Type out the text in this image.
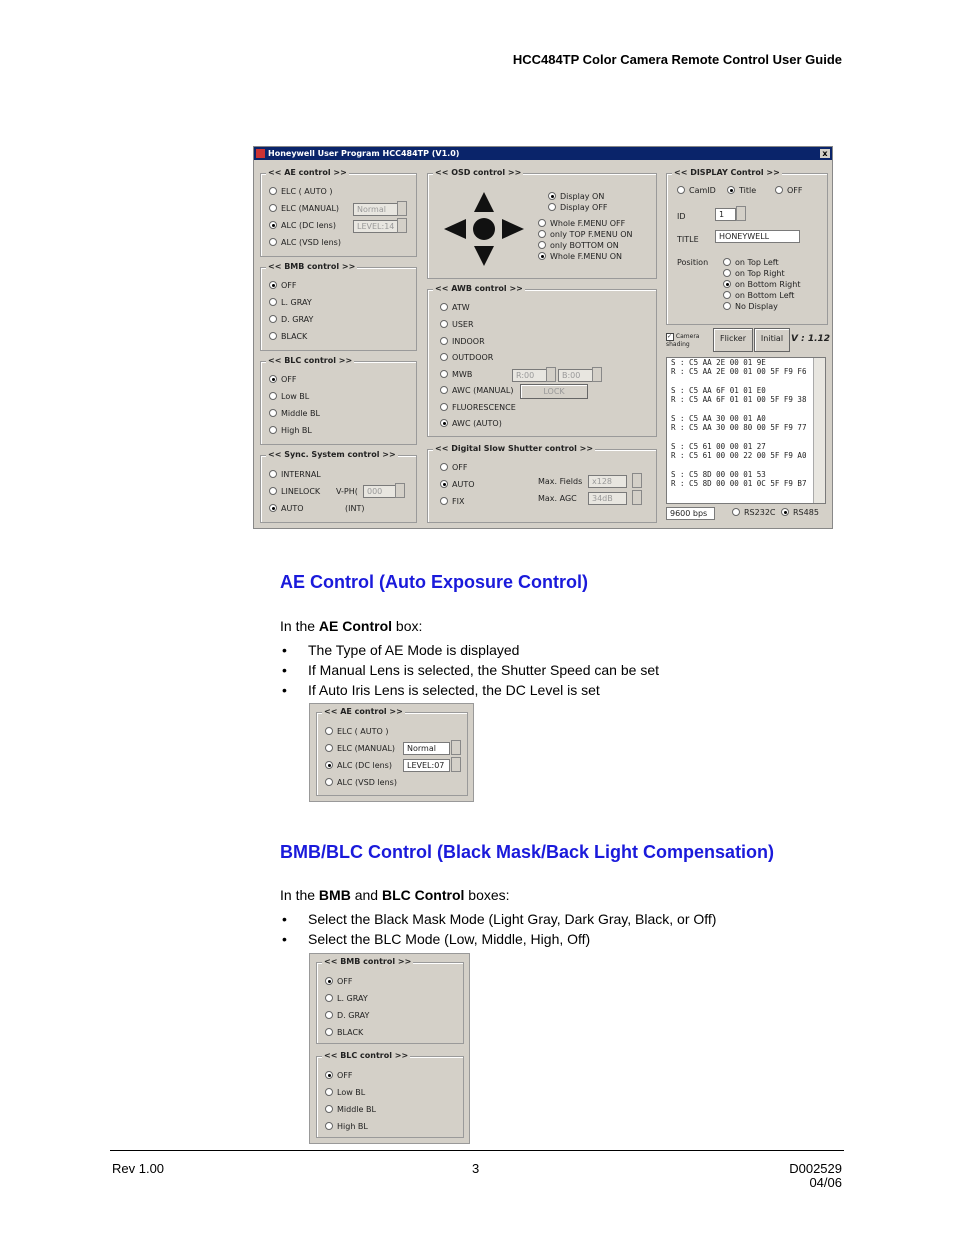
HCC484TP Color Camera Remote Control User Guide
Honeywell User Program HCC484TP (V1.0)	x
<< AE control >>
ELC ( AUTO )
ELC (MANUAL)
ALC (DC lens)
ALC (VSD lens)
Normal
LEVEL:14
<< BMB control >>
OFF
L. GRAY
D. GRAY
BLACK
<< BLC control >>
OFF
Low BL
Middle BL
High BL
<< Sync. System control >>
INTERNAL
LINELOCK
AUTO
V-PH(	000
(INT)
<< OSD control >>
Display ON
Display OFF
Whole F.MENU OFF
only TOP F.MENU ON
only BOTTOM ON
Whole F.MENU ON
<< AWB control >>
ATW
USER
INDOOR
OUTDOOR
MWB
AWC (MANUAL)
FLUORESCENCE
AWC (AUTO)
R:00	B:00
LOCK
<< Digital Slow Shutter control >>
OFF
AUTO
FIX
Max. Fields	x128
Max. AGC	34dB
<< DISPLAY Control >>
CamID	Title	OFF
ID	1
TITLE	HONEYWELL
Position	on Top Left
on Top Right
on Bottom Right
on Bottom Left
No Display
✓ Camera shading
Flicker	Initial V : 1.12
S : C5 AA 2E 00 01 9E
R : C5 AA 2E 00 01 00 5F F9 F6
S : C5 AA 6F 01 01 E0
R : C5 AA 6F 01 01 00 5F F9 38
S : C5 AA 30 00 01 A0
R : C5 AA 30 00 80 00 5F F9 77
S : C5 61 00 00 01 27
R : C5 61 00 00 22 00 5F F9 A0
S : C5 8D 00 00 01 53
R : C5 8D 00 00 01 0C 5F F9 B7
9600 bps	RS232C	RS485
AE Control (Auto Exposure Control)
In the AE Control box:
• The Type of AE Mode is displayed
• If Manual Lens is selected, the Shutter Speed can be set
• If Auto Iris Lens is selected, the DC Level is set
<< AE control >>
ELC ( AUTO )
ELC (MANUAL)
ALC (DC lens)
ALC (VSD lens)
Normal
LEVEL:07
BMB/BLC Control (Black Mask/Back Light Compensation)
In the BMB and BLC Control boxes:
• Select the Black Mask Mode (Light Gray, Dark Gray, Black, or Off)
• Select the BLC Mode (Low, Middle, High, Off)
<< BMB control >>
OFF
L. GRAY
D. GRAY
BLACK
<< BLC control >>
OFF
Low BL
Middle BL
High BL
Rev 1.00	3	D002529
04/06
